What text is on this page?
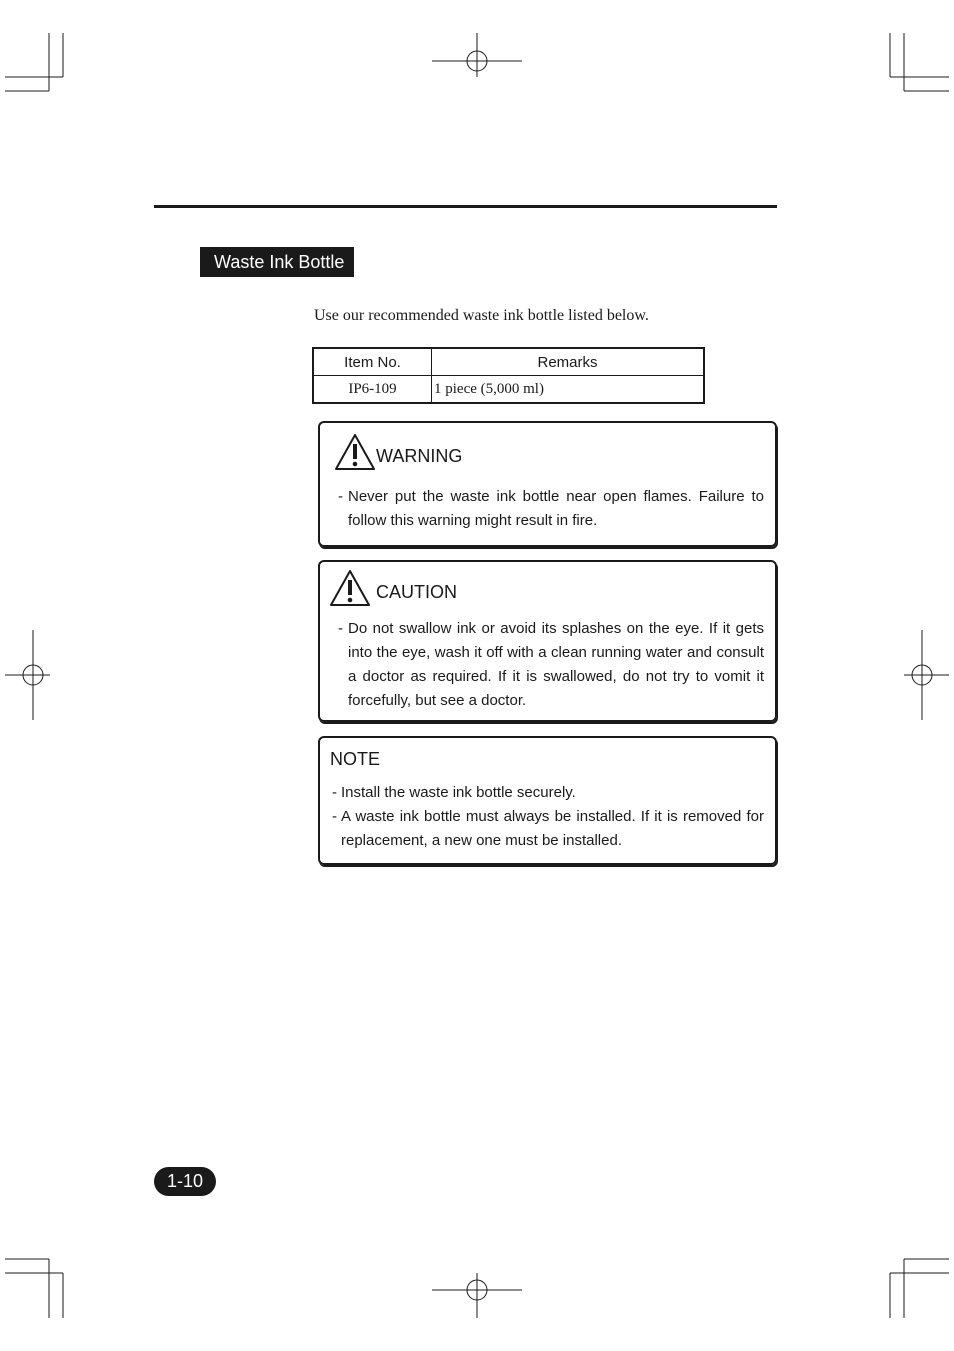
Waste Ink Bottle
Use our recommended waste ink bottle listed below.
Item No.	Remarks
IP6-109	1 piece (5,000 ml)
WARNING
- Never put the waste ink bottle near open flames. Failure to follow this warning might result in fire.
CAUTION
- Do not swallow ink or avoid its splashes on the eye. If it gets into the eye, wash it off with a clean running water and consult a doctor as required. If it is swallowed, do not try to vomit it forcefully, but see a doctor.
NOTE
- Install the waste ink bottle securely.
- A waste ink bottle must always be installed. If it is removed for replacement, a new one must be installed.
1-10
